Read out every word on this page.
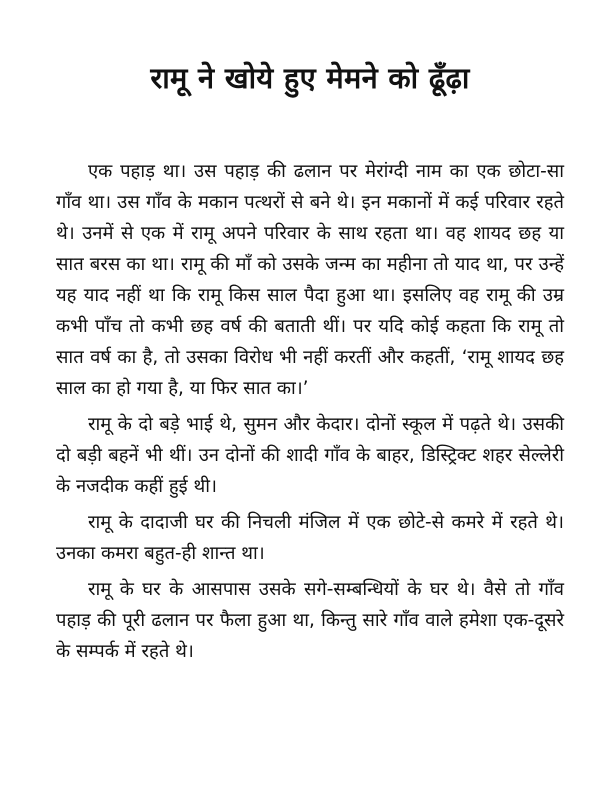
रामू ने खोये हुए मेमने को ढूँढ़ा

एक पहाड़ था। उस पहाड़ की ढलान पर मेरांग्दी नाम का एक छोटा-सा गाँव था। उस गाँव के मकान पत्थरों से बने थे। इन मकानों में कई परिवार रहते थे। उनमें से एक में रामू अपने परिवार के साथ रहता था। वह शायद छह या सात बरस का था। रामू की माँ को उसके जन्म का महीना तो याद था, पर उन्हें यह याद नहीं था कि रामू किस साल पैदा हुआ था। इसलिए वह रामू की उम्र कभी पाँच तो कभी छह वर्ष की बताती थीं। पर यदि कोई कहता कि रामू तो सात वर्ष का है, तो उसका विरोध भी नहीं करतीं और कहतीं, ‘रामू शायद छह साल का हो गया है, या फिर सात का।’

रामू के दो बड़े भाई थे, सुमन और केदार। दोनों स्कूल में पढ़ते थे। उसकी दो बड़ी बहनें भी थीं। उन दोनों की शादी गाँव के बाहर, डिस्ट्रिक्ट शहर सेल्लेरी के नजदीक कहीं हुई थी।

रामू के दादाजी घर की निचली मंजिल में एक छोटे-से कमरे में रहते थे। उनका कमरा बहुत-ही शान्त था।

रामू के घर के आसपास उसके सगे-सम्बन्धियों के घर थे। वैसे तो गाँव पहाड़ की पूरी ढलान पर फैला हुआ था, किन्तु सारे गाँव वाले हमेशा एक-दूसरे के सम्पर्क में रहते थे।
